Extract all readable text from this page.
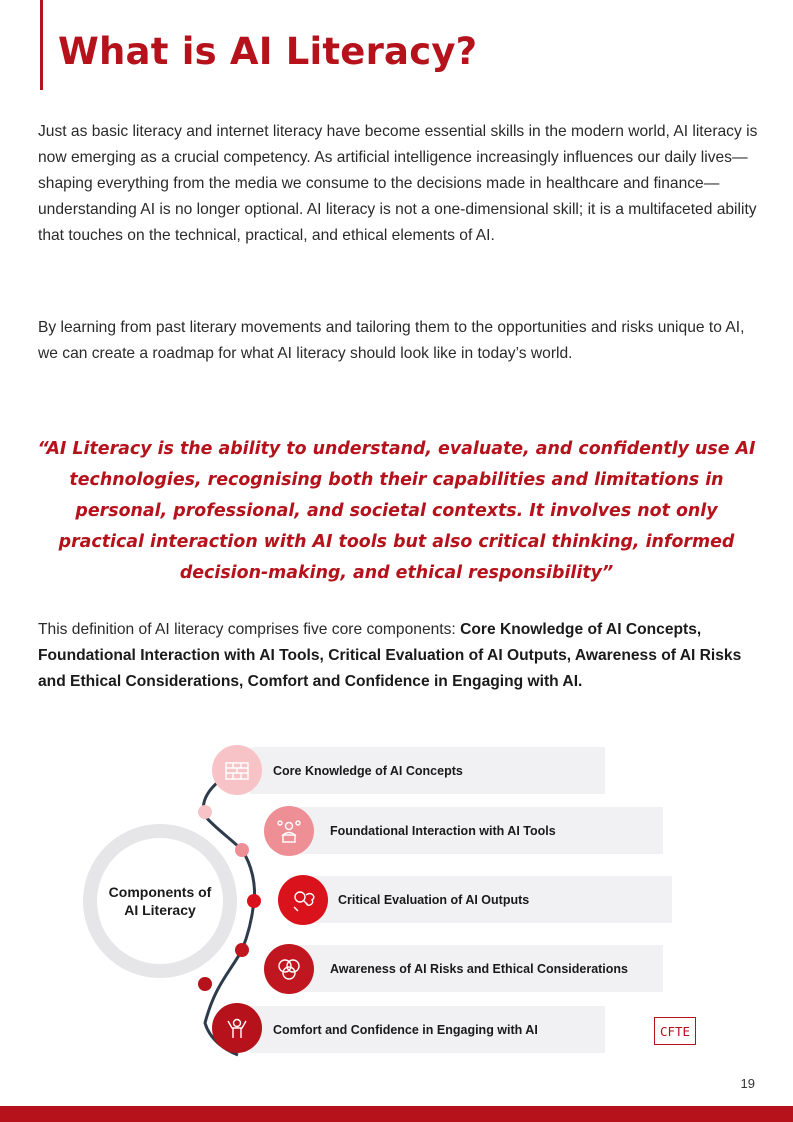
What is AI Literacy?

Just as basic literacy and internet literacy have become essential skills in the modern world, AI literacy is now emerging as a crucial competency. As artificial intelligence increasingly influences our daily lives—shaping everything from the media we consume to the decisions made in healthcare and finance—understanding AI is no longer optional. AI literacy is not a one-dimensional skill; it is a multifaceted ability that touches on the technical, practical, and ethical elements of AI.

By learning from past literary movements and tailoring them to the opportunities and risks unique to AI, we can create a roadmap for what AI literacy should look like in today’s world.

“AI Literacy is the ability to understand, evaluate, and confidently use AI technologies, recognising both their capabilities and limitations in personal, professional, and societal contexts. It involves not only practical interaction with AI tools but also critical thinking, informed decision-making, and ethical responsibility”

This definition of AI literacy comprises five core components: Core Knowledge of AI Concepts, Foundational Interaction with AI Tools, Critical Evaluation of AI Outputs, Awareness of AI Risks and Ethical Considerations, Comfort and Confidence in Engaging with AI.

Components of AI Literacy
Core Knowledge of AI Concepts
Foundational Interaction with AI Tools
Critical Evaluation of AI Outputs
Awareness of AI Risks and Ethical Considerations
Comfort and Confidence in Engaging with AI	CFTE
19
